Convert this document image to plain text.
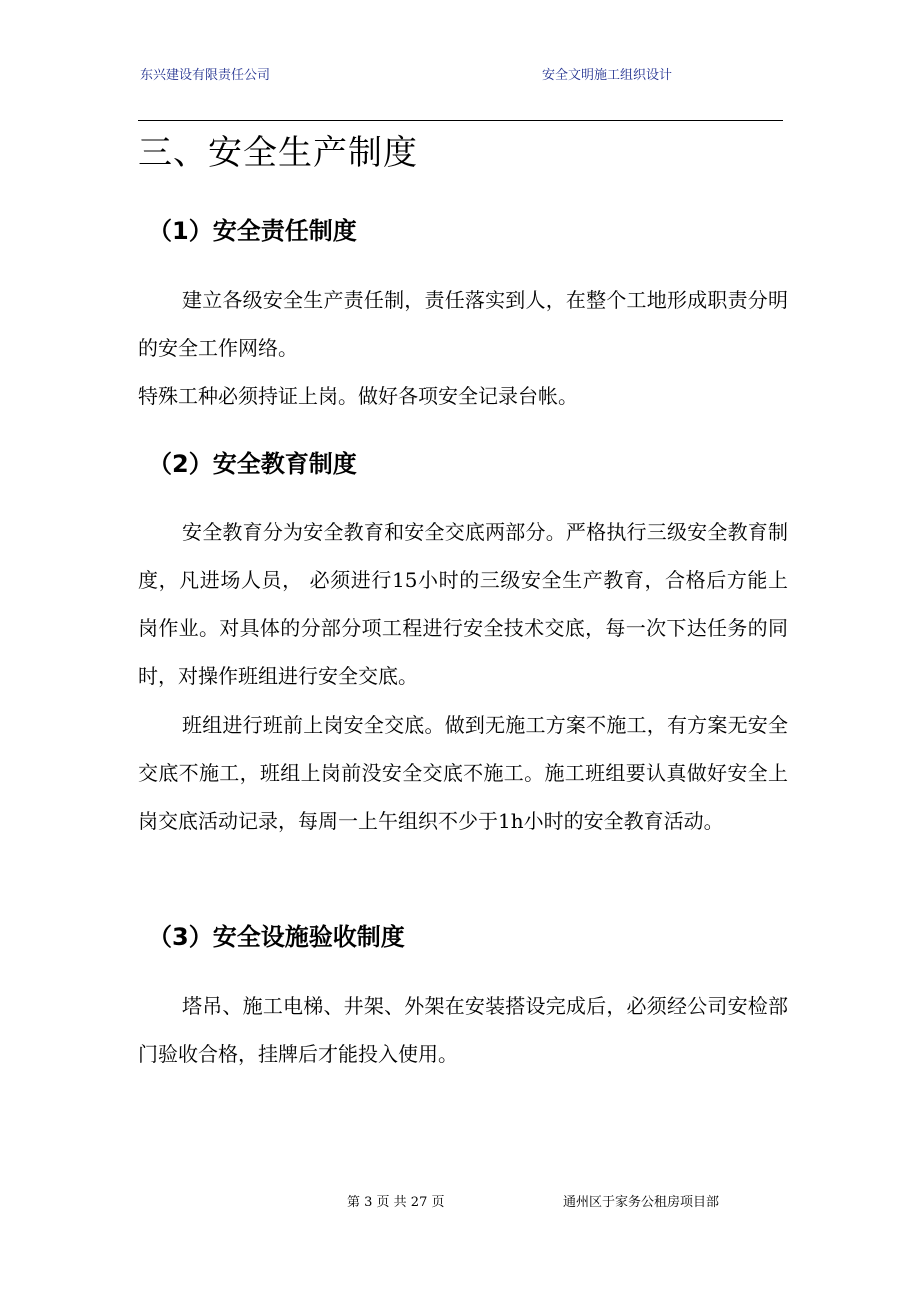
东兴建设有限责任公司	安全文明施工组织设计
三、安全生产制度
（1）安全责任制度

建立各级安全生产责任制，责任落实到人，在整个工地形成职责分明的安全工作网络。

特殊工种必须持证上岗。做好各项安全记录台帐。

（2）安全教育制度

安全教育分为安全教育和安全交底两部分。严格执行三级安全教育制度，凡进场人员， 必须进行15小时的三级安全生产教育，合格后方能上岗作业。对具体的分部分项工程进行安全技术交底，每一次下达任务的同时，对操作班组进行安全交底。

班组进行班前上岗安全交底。做到无施工方案不施工，有方案无安全交底不施工，班组上岗前没安全交底不施工。施工班组要认真做好安全上岗交底活动记录，每周一上午组织不少于1h小时的安全教育活动。

（3）安全设施验收制度

塔吊、施工电梯、井架、外架在安装搭设完成后，必须经公司安检部门验收合格，挂牌后才能投入使用。

第 3 页 共 27 页	通州区于家务公租房项目部
